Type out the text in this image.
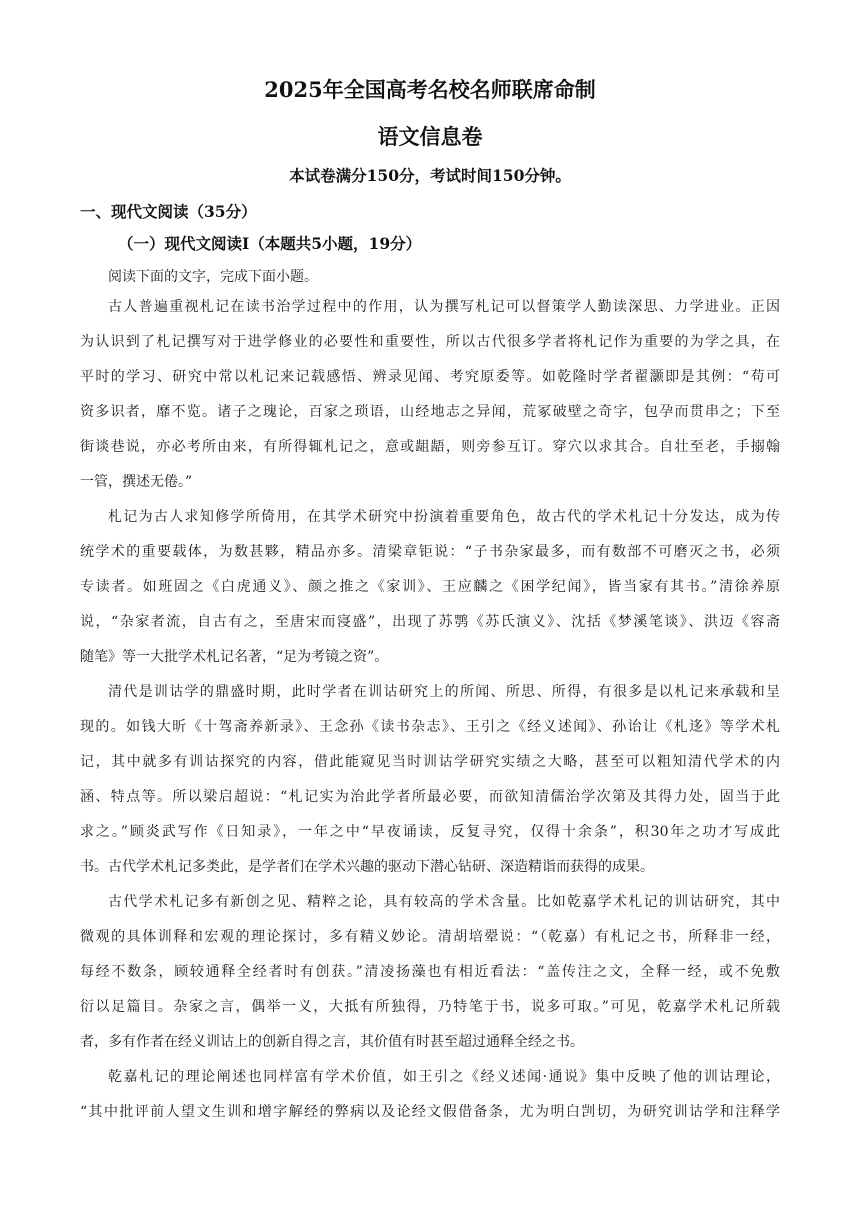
2025年全国高考名校名师联席命制
语文信息卷
本试卷满分150分，考试时间150分钟。
一、现代文阅读（35分）
（一）现代文阅读Ⅰ（本题共5小题，19分）
阅读下面的文字，完成下面小题。
古人普遍重视札记在读书治学过程中的作用，认为撰写札记可以督策学人勤读深思、力学进业。正因
为认识到了札记撰写对于进学修业的必要性和重要性，所以古代很多学者将札记作为重要的为学之具，在
平时的学习、研究中常以札记来记载感悟、辨录见闻、考究原委等。如乾隆时学者翟灏即是其例：“苟可
资多识者，靡不览。诸子之瑰论，百家之琐语，山经地志之异闻，荒冢破壁之奇字，包孕而贯串之；下至
街谈巷说，亦必考所由来，有所得辄札记之，意或龃龉，则旁参互订。穿穴以求其合。自壮至老，手搦翰
一管，撰述无倦。”
札记为古人求知修学所倚用，在其学术研究中扮演着重要角色，故古代的学术札记十分发达，成为传
统学术的重要载体，为数甚夥，精品亦多。清梁章钜说：“子书杂家最多，而有数部不可磨灭之书，必须
专读者。如班固之《白虎通义》、颜之推之《家训》、王应麟之《困学纪闻》，皆当家有其书。”清徐养原
说，“杂家者流，自古有之，至唐宋而寖盛”，出现了苏鹗《苏氏演义》、沈括《梦溪笔谈》、洪迈《容斋
随笔》等一大批学术札记名著，“足为考镜之资”。
清代是训诂学的鼎盛时期，此时学者在训诂研究上的所闻、所思、所得，有很多是以札记来承载和呈
现的。如钱大昕《十驾斋养新录》、王念孙《读书杂志》、王引之《经义述闻》、孙诒让《札迻》等学术札
记，其中就多有训诂探究的内容，借此能窥见当时训诂学研究实绩之大略，甚至可以粗知清代学术的内
涵、特点等。所以梁启超说：“札记实为治此学者所最必要，而欲知清儒治学次第及其得力处，固当于此
求之。”顾炎武写作《日知录》，一年之中“早夜诵读，反复寻究，仅得十余条”，积30年之功才写成此
书。古代学术札记多类此，是学者们在学术兴趣的驱动下潜心钻研、深造精诣而获得的成果。
古代学术札记多有新创之见、精粹之论，具有较高的学术含量。比如乾嘉学术札记的训诂研究，其中
微观的具体训释和宏观的理论探讨，多有精义妙论。清胡培翚说：“（乾嘉）有札记之书，所释非一经，
每经不数条，顾较通释全经者时有创获。”清凌扬藻也有相近看法：“盖传注之文，全释一经，或不免敷
衍以足篇目。杂家之言，偶举一义，大抵有所独得，乃特笔于书，说多可取。”可见，乾嘉学术札记所载
者，多有作者在经义训诂上的创新自得之言，其价值有时甚至超过通释全经之书。
乾嘉札记的理论阐述也同样富有学术价值，如王引之《经义述闻·通说》集中反映了他的训诂理论，
“其中批评前人望文生训和增字解经的弊病以及论经文假借备条，尤为明白剀切，为研究训诂学和注释学
